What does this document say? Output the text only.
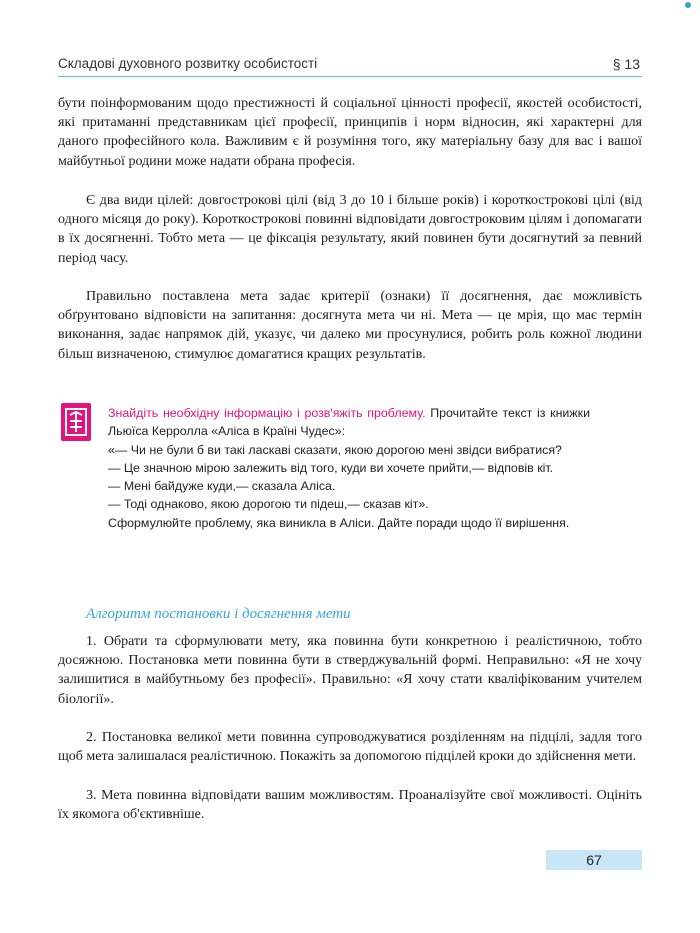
Складові духовного розвитку особистості	§ 13

бути поінформованим щодо престижності й соціальної цінності професії, якостей особистості, які притаманні представникам цієї професії, принципів і норм відносин, які характерні для даного професійного кола. Важливим є й розуміння того, яку матеріальну базу для вас і вашої майбутньої родини може надати обрана професія.

Є два види цілей: довгострокові цілі (від 3 до 10 і більше років) і короткострокові цілі (від одного місяця до року). Короткострокові повинні відповідати довгостроковим цілям і допомагати в їх досягненні. Тобто мета — це фіксація результату, який повинен бути досягнутий за певний період часу.

Правильно поставлена мета задає критерії (ознаки) її досягнення, дає можливість обґрунтовано відповісти на запитання: досягнута мета чи ні. Мета — це мрія, що має термін виконання, задає напрямок дій, указує, чи далеко ми просунулися, робить роль кожної людини більш визначеною, стимулює домагатися кращих результатів.

Знайдіть необхідну інформацію і розв'яжіть проблему. Прочитайте текст із книжки Льюїса Керролла «Аліса в Країні Чудес»:

«— Чи не були б ви такі ласкаві сказати, якою дорогою мені звідси вибратися?

— Це значною мірою залежить від того, куди ви хочете прийти,— відповів кіт.

— Мені байдуже куди,— сказала Аліса.

— Тоді однаково, якою дорогою ти підеш,— сказав кіт».

Сформулюйте проблему, яка виникла в Аліси. Дайте поради щодо її вирішення.

Алгоритм постановки і досягнення мети

1. Обрати та сформулювати мету, яка повинна бути конкретною і реалістичною, тобто досяжною. Постановка мети повинна бути в стверджувальній формі. Неправильно: «Я не хочу залишитися в майбутньому без професії». Правильно: «Я хочу стати кваліфікованим учителем біології».

2. Постановка великої мети повинна супроводжуватися розділенням на підцілі, задля того щоб мета залишалася реалістичною. Покажіть за допомогою підцілей кроки до здійснення мети.

3. Мета повинна відповідати вашим можливостям. Проаналізуйте свої можливості. Оцініть їх якомога об'єктивніше.

67
